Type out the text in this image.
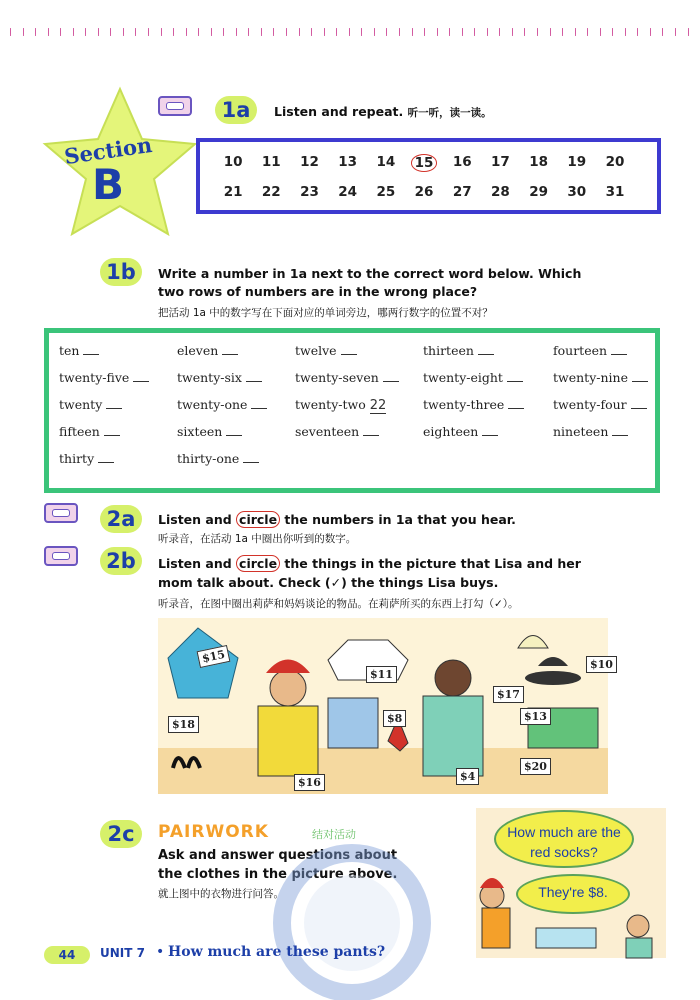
Section
B
1a	Listen and repeat. 听一听，读一读。
10	11	12	13	14	15	16	17	18	19	20
21	22	23	24	25	26	27	28	29	30	31
1b	Write a number in 1a next to the correct word below. Which
two rows of numbers are in the wrong place?
把活动 1a 中的数字写在下面对应的单词旁边，哪两行数字的位置不对？
ten	eleven	twelve	thirteen	fourteen
twenty-five	twenty-six	twenty-seven	twenty-eight	twenty-nine
twenty	twenty-one	twenty-two 22	twenty-three	twenty-four
fifteen	sixteen	seventeen	eighteen	nineteen
thirty	thirty-one
2a	Listen and circle the numbers in 1a that you hear.
听录音，在活动 1a 中圈出你听到的数字。
2b	Listen and circle the things in the picture that Lisa and her
mom talk about. Check (✓) the things Lisa buys.
听录音，在图中圈出莉萨和妈妈谈论的物品。在莉萨所买的东西上打勾（✓）。
$15
$11
$18	$8
$17
$13
$10
$20
$4
$16
2c	PAIRWORK	结对活动
Ask and answer questions about
the clothes in the picture above.
就上图中的衣物进行问答。
How much are the red socks?
They're $8.
44	UNIT 7 • How much are these pants?
